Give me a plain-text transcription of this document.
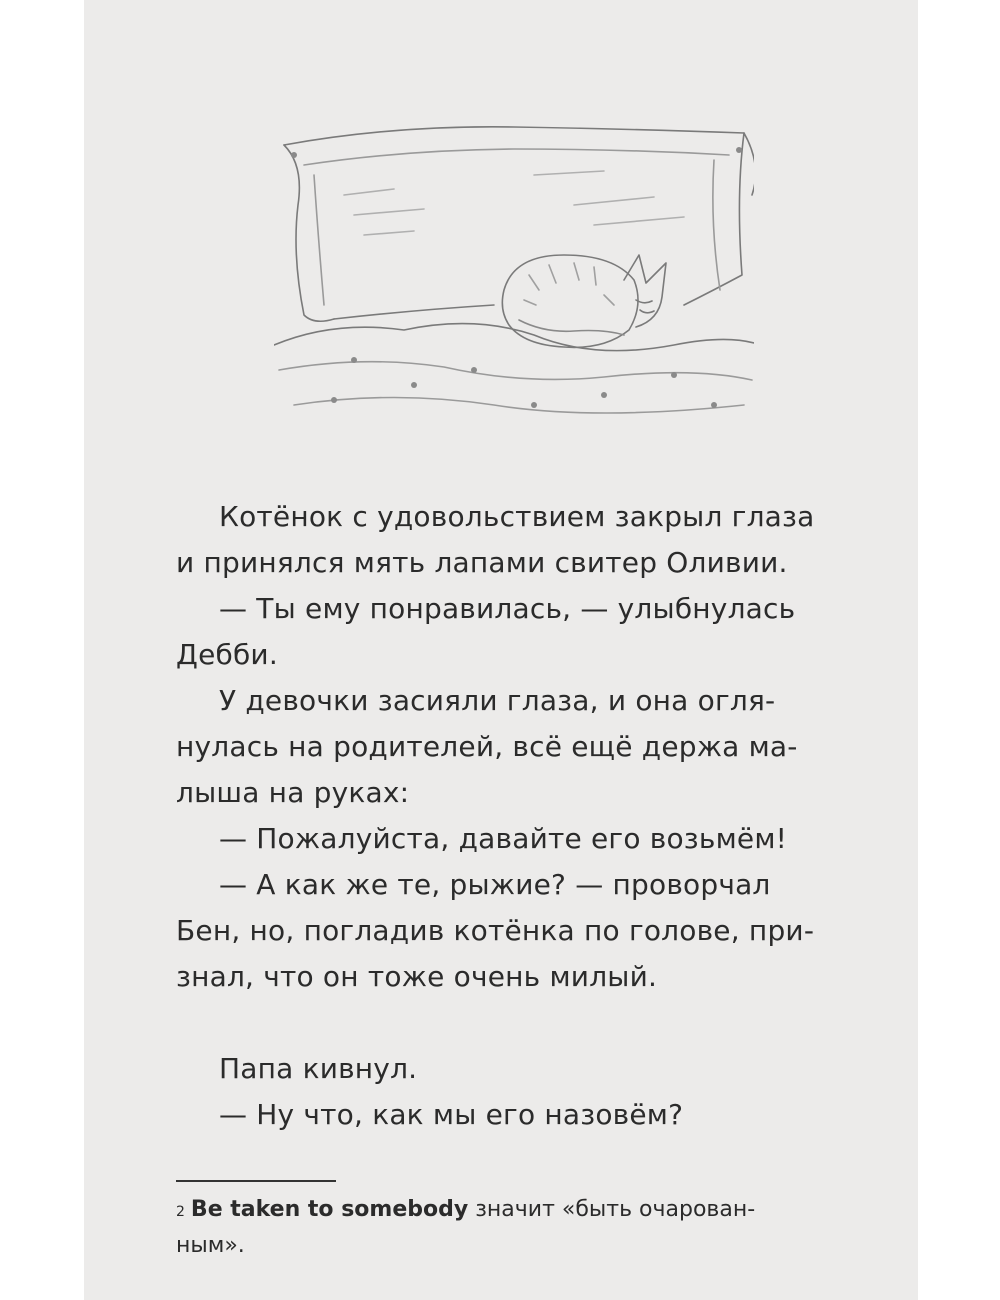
Котёнок с удовольствием закрыл глаза

и принялся мять лапами свитер Оливии.

— Ты ему понравилась, — улыбнулась

Дебби.

У девочки засияли глаза, и она огля-

нулась на родителей, всё ещё держа ма-

лыша на руках:

— Пожалуйста, давайте его возьмём!

— А как же те, рыжие? — проворчал

Бен, но, погладив котёнка по голове, при-

знал, что он тоже очень милый.

Папа кивнул.

— Ну что, как мы его назовём?

$^2$ Be taken to somebody значит «быть очарован-
ным».
